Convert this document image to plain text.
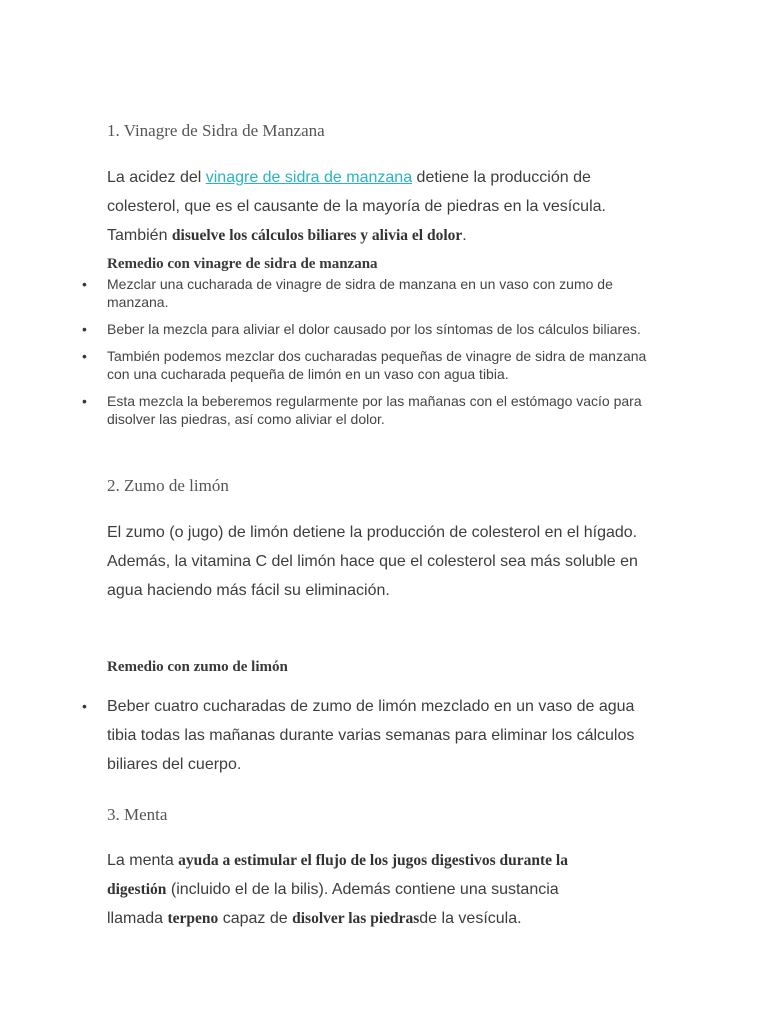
1. Vinagre de Sidra de Manzana

La acidez del vinagre de sidra de manzana detiene la producción de colesterol, que es el causante de la mayoría de piedras en la vesícula. También disuelve los cálculos biliares y alivia el dolor.

Remedio con vinagre de sidra de manzana
• Mezclar una cucharada de vinagre de sidra de manzana en un vaso con zumo de manzana.
• Beber la mezcla para aliviar el dolor causado por los síntomas de los cálculos biliares.
• También podemos mezclar dos cucharadas pequeñas de vinagre de sidra de manzana con una cucharada pequeña de limón en un vaso con agua tibia.
• Esta mezcla la beberemos regularmente por las mañanas con el estómago vacío para disolver las piedras, así como aliviar el dolor.
2. Zumo de limón

El zumo (o jugo) de limón detiene la producción de colesterol en el hígado. Además, la vitamina C del limón hace que el colesterol sea más soluble en agua haciendo más fácil su eliminación.

Remedio con zumo de limón
• Beber cuatro cucharadas de zumo de limón mezclado en un vaso de agua tibia todas las mañanas durante varias semanas para eliminar los cálculos biliares del cuerpo.
3. Menta

La menta ayuda a estimular el flujo de los jugos digestivos durante la digestión (incluido el de la bilis). Además contiene una sustancia llamada terpeno capaz de disolver las piedrasde la vesícula.
